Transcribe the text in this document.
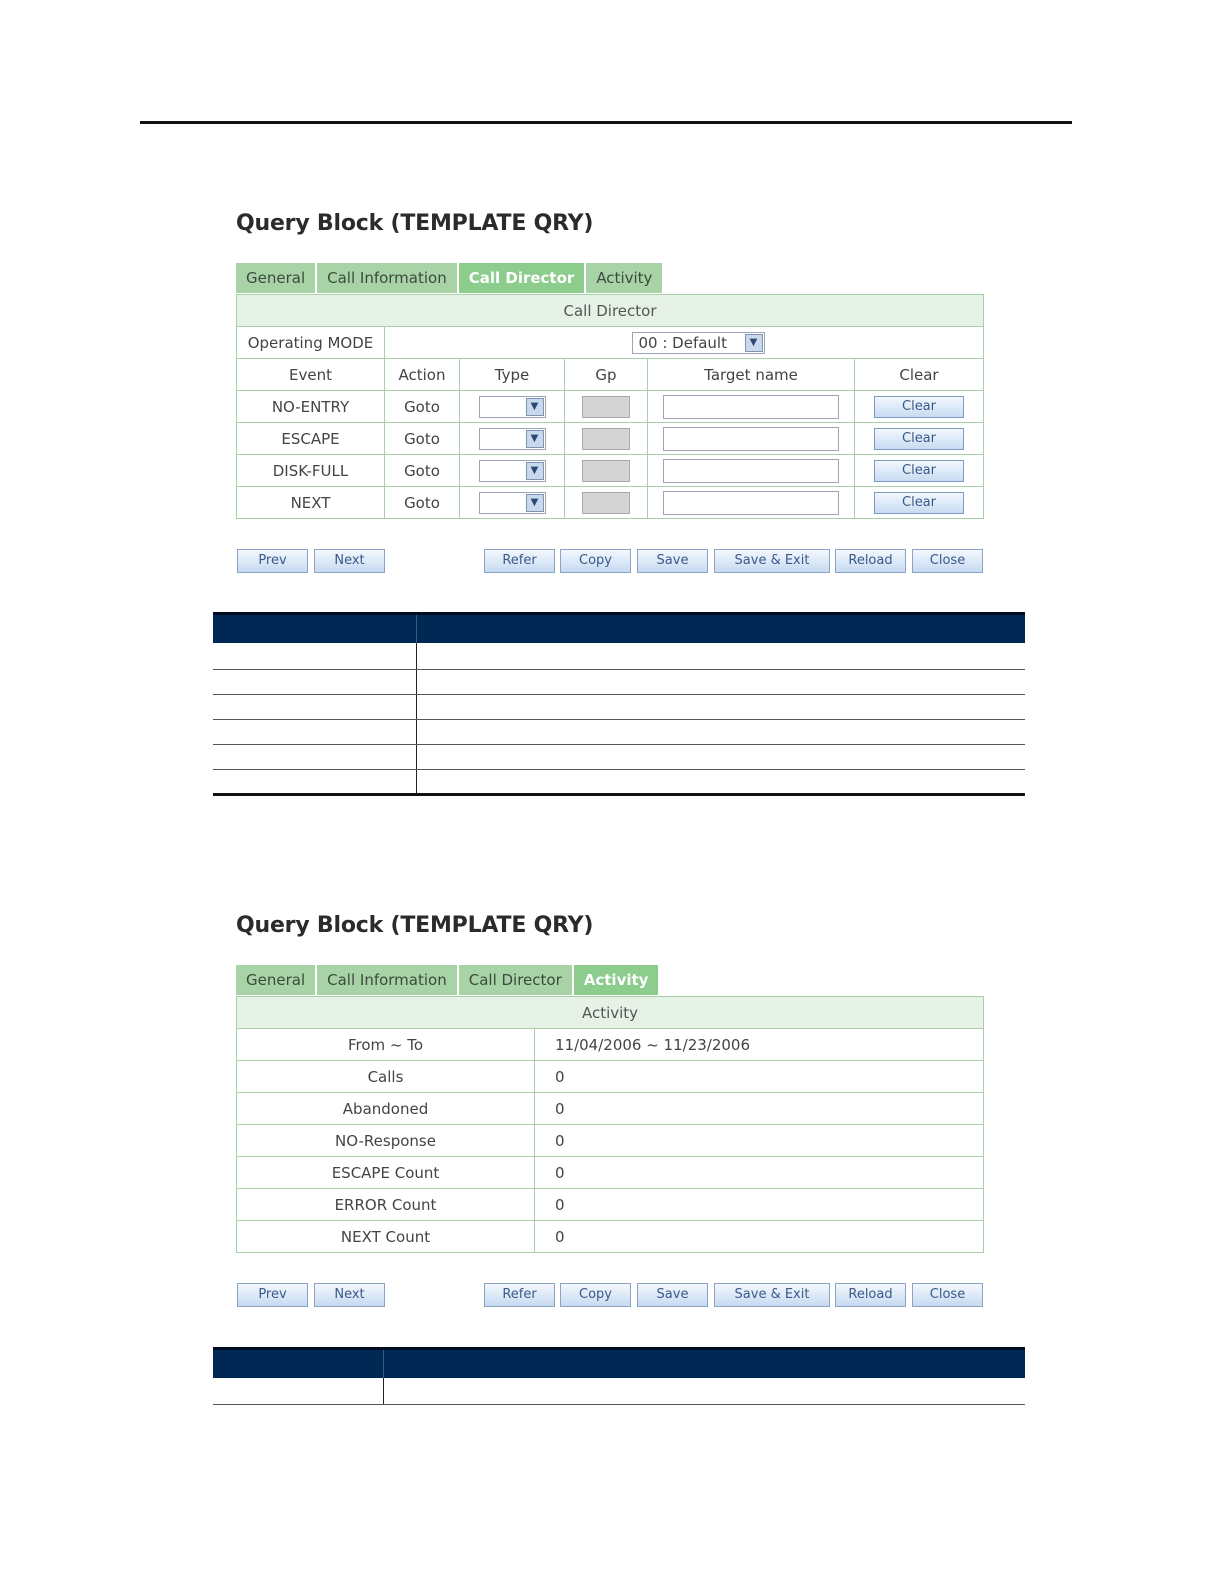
Query Block (TEMPLATE QRY)
General	Call Information	Call Director	Activity
Call Director					
Operating MODE	00 : Default ▼				

Event	Action	Type	Gp	Target name	Clear
NO-ENTRY	Goto	▼			Clear
ESCAPE	Goto	▼			Clear
DISK-FULL	Goto	▼			Clear
NEXT	Goto	▼			Clear
Prev	Next	Refer	Copy	Save	Save & Exit	Reload	Close
Query Block (TEMPLATE QRY)
General	Call Information	Call Director	Activity
Activity	
From ~ To	11/04/2006 ~ 11/23/2006
Calls	0
Abandoned	0
NO-Response	0
ESCAPE Count	0
ERROR Count	0
NEXT Count	0
Prev	Next	Refer	Copy	Save	Save & Exit	Reload	Close
